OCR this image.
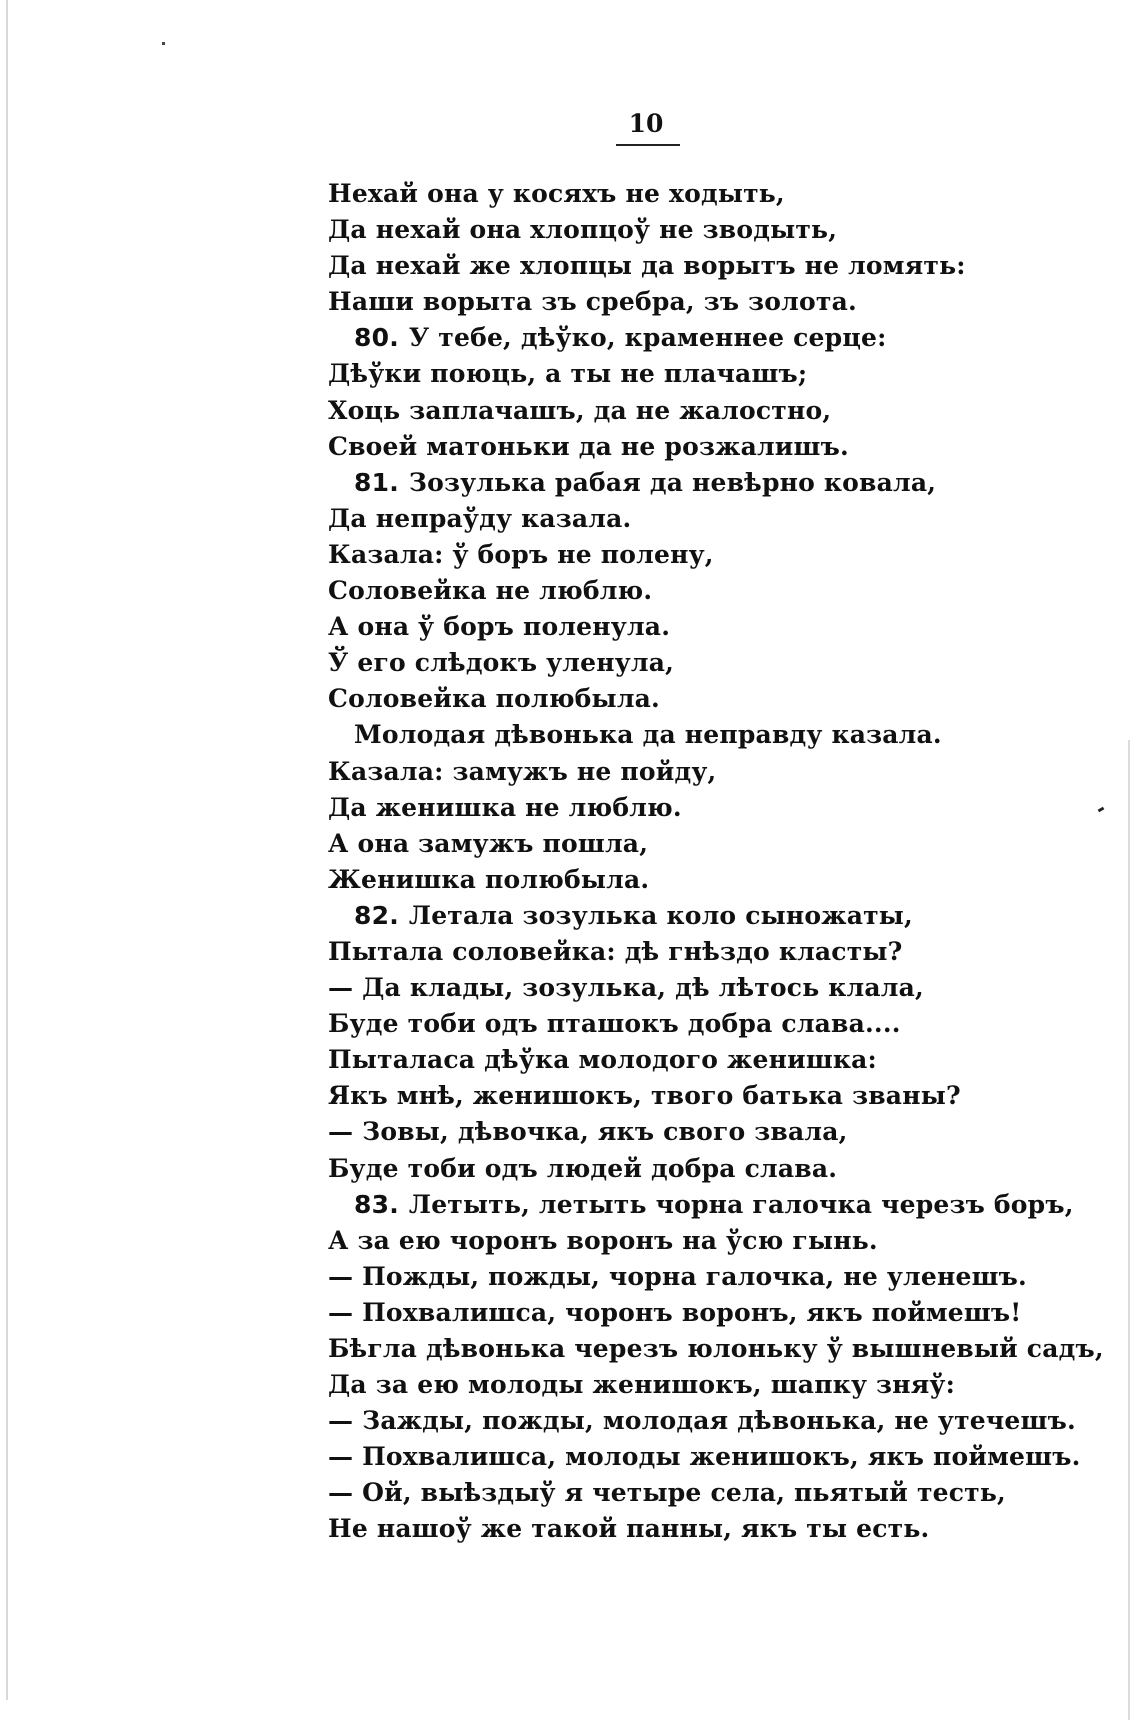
10
Нехай она у косяхъ не ходыть,
Да нехай она хлопцоў не зводыть,
Да нехай же хлопцы да ворытъ не ломять:
Наши ворыта зъ сребра, зъ золота.
80. У тебе, дѣўко, краменнее серце:
Дѣўки поюць, а ты не плачашъ;
Хоць заплачашъ, да не жалостно,
Своей матоньки да не розжалишъ.
81. Зозулька рабая да невѣрно ковала,
Да непраўду казала.
Казала: ў боръ не полену,
Соловейка не люблю.
А она ў боръ поленула.
Ў его слѣдокъ уленула,
Соловейка полюбыла.
Молодая дѣвонька да неправду казала.
Казала: замужъ не пойду,
Да женишка не люблю.
А она замужъ пошла,
Женишка полюбыла.
82. Летала зозулька коло сыножаты,
Пытала соловейка: дѣ гнѣздо класты?
— Да клады, зозулька, дѣ лѣтось клала,
Буде тоби одъ пташокъ добра слава....
Пыталаса дѣўка молодого женишка:
Якъ мнѣ, женишокъ, твого батька званы?
— Зовы, дѣвочка, якъ свого звала,
Буде тоби одъ людей добра слава.
83. Летыть, летыть чорна галочка черезъ боръ,
А за ею чоронъ воронъ на ўсю гынь.
— Пожды, пожды, чорна галочка, не уленешъ.
— Похвалишса, чоронъ воронъ, якъ поймешъ!
Бѣгла дѣвонька черезъ юлоньку ў вышневый садъ,
Да за ею молоды женишокъ, шапку зняў:
— Зажды, пожды, молодая дѣвонька, не утечешъ.
— Похвалишса, молоды женишокъ, якъ поймешъ.
— Ой, выѣздыў я четыре села, пьятый тесть,
Не нашоў же такой панны, якъ ты есть.
